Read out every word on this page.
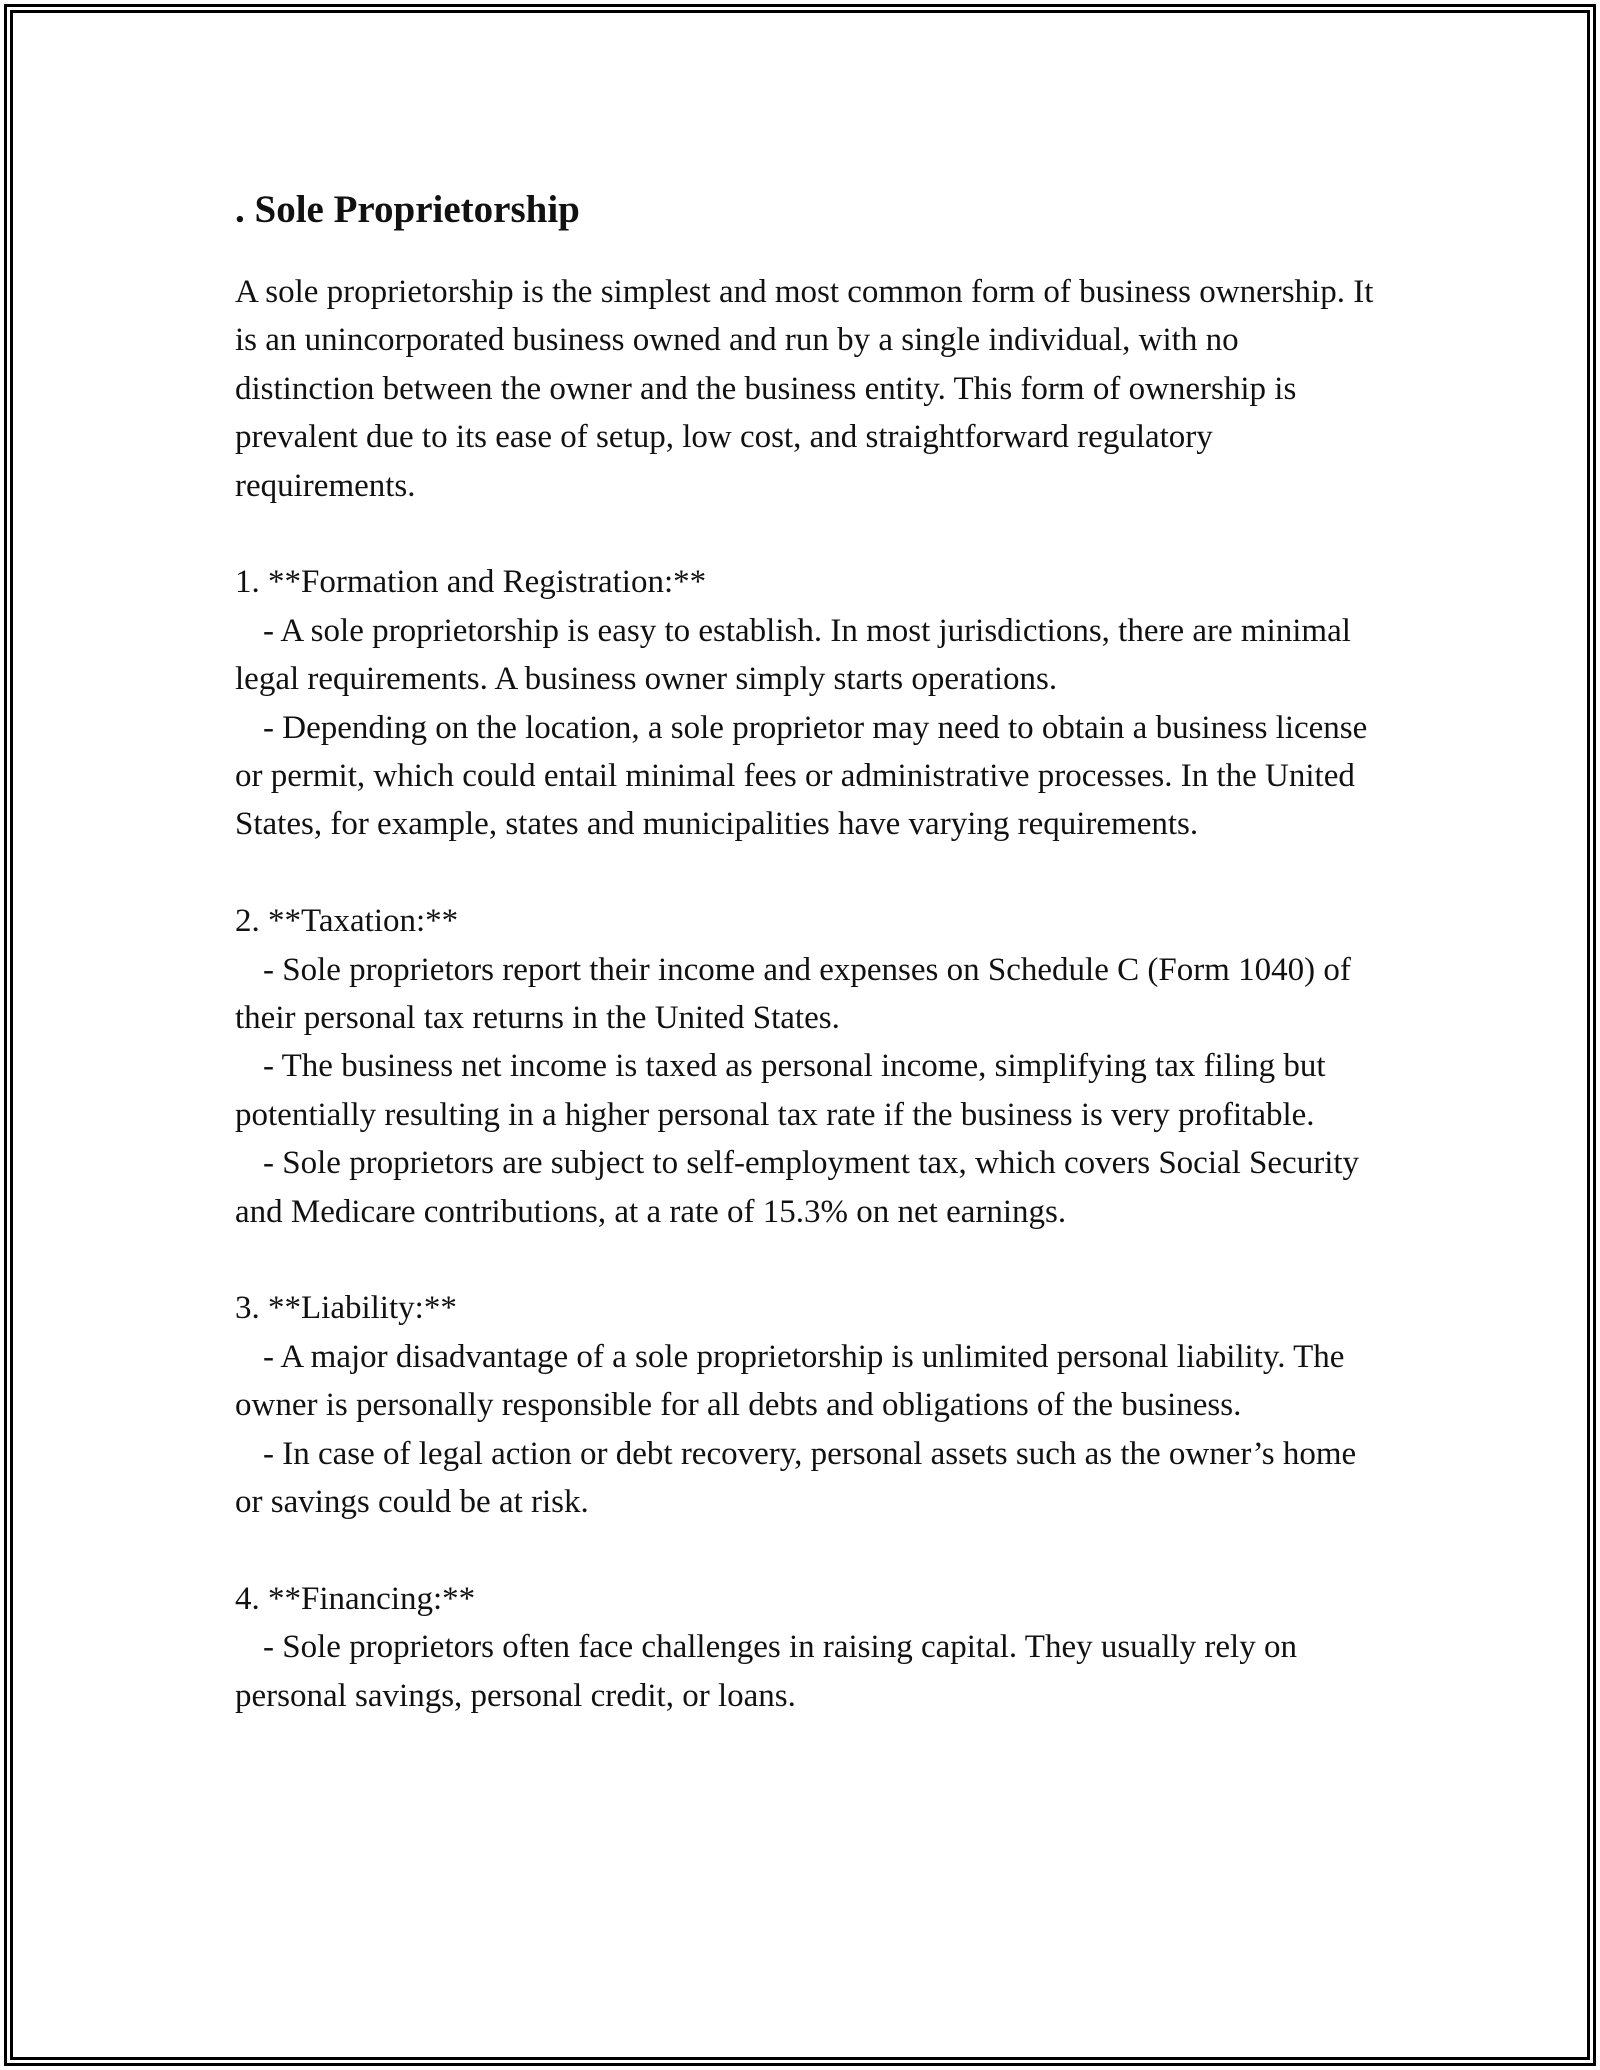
. Sole Proprietorship

A sole proprietorship is the simplest and most common form of business ownership. It is an unincorporated business owned and run by a single individual, with no distinction between the owner and the business entity. This form of ownership is prevalent due to its ease of setup, low cost, and straightforward regulatory requirements.

1. **Formation and Registration:**

- A sole proprietorship is easy to establish. In most jurisdictions, there are minimal legal requirements. A business owner simply starts operations.

- Depending on the location, a sole proprietor may need to obtain a business license or permit, which could entail minimal fees or administrative processes. In the United States, for example, states and municipalities have varying requirements.

2. **Taxation:**

- Sole proprietors report their income and expenses on Schedule C (Form 1040) of their personal tax returns in the United States.

- The business net income is taxed as personal income, simplifying tax filing but potentially resulting in a higher personal tax rate if the business is very profitable.

- Sole proprietors are subject to self-employment tax, which covers Social Security and Medicare contributions, at a rate of 15.3% on net earnings.

3. **Liability:**

- A major disadvantage of a sole proprietorship is unlimited personal liability. The owner is personally responsible for all debts and obligations of the business.

- In case of legal action or debt recovery, personal assets such as the owner’s home or savings could be at risk.

4. **Financing:**

- Sole proprietors often face challenges in raising capital. They usually rely on personal savings, personal credit, or loans.
